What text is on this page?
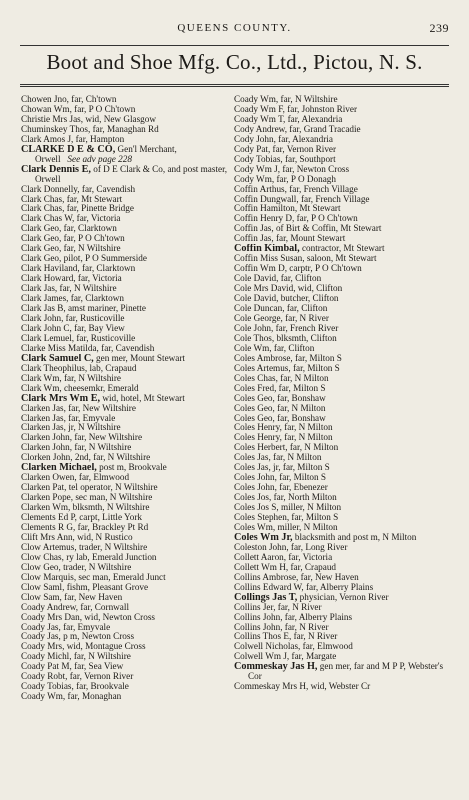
QUEENS COUNTY.	239
Boot and Shoe Mfg. Co., Ltd., Pictou, N. S.
Chowen Jno, far, Ch'town
Chowan Wm, far, P O Ch'town
Christie Mrs Jas, wid, New Glasgow
Chuminskey Thos, far, Managhan Rd
Clark Amos J, far, Hampton
CLARKE D E & CO, Gen'l Merchant,
Orwell See adv page 228
Clark Dennis E, of D E Clark & Co, and post master, Orwell
Clark Donnelly, far, Cavendish
Clark Chas, far, Mt Stewart
Clark Chas, far, Pinette Bridge
Clark Chas W, far, Victoria
Clark Geo, far, Clarktown
Clark Geo, far, P O Ch'town
Clark Geo, far, N Wiltshire
Clark Geo, pilot, P O Summerside
Clark Haviland, far, Clarktown
Clark Howard, far, Victoria
Clark Jas, far, N Wiltshire
Clark James, far, Clarktown
Clark Jas B, amst mariner, Pinette
Clark John, far, Rusticoville
Clark John C, far, Bay View
Clark Lemuel, far, Rusticoville
Clarke Miss Matilda, far, Cavendish
Clark Samuel C, gen mer, Mount Stewart
Clark Theophilus, lab, Crapaud
Clark Wm, far, N Wiltshire
Clark Wm, cheesemkr, Emerald
Clark Mrs Wm E, wid, hotel, Mt Stewart
Clarken Jas, far, New Wiltshire
Clarken Jas, far, Emyvale
Clarken Jas, jr, N Wiltshire
Clarken John, far, New Wiltshire
Clarken John, far, N Wiltshire
Clorken John, 2nd, far, N Wiltshire
Clarken Michael, post m, Brookvale
Clarken Owen, far, Elmwood
Clarken Pat, tel operator, N Wiltshire
Clarken Pope, sec man, N Wiltshire
Clarken Wm, blksmth, N Wiltshire
Clements Ed P, carpt, Little York
Clements R G, far, Brackley Pt Rd
Clift Mrs Ann, wid, N Rustico
Clow Artemus, trader, N Wiltshire
Clow Chas, ry lab, Emerald Junction
Clow Geo, trader, N Wiltshire
Clow Marquis, sec man, Emerald Junct
Clow Saml, fishm, Pleasant Grove
Clow Sam, far, New Haven
Coady Andrew, far, Cornwall
Coady Mrs Dan, wid, Newton Cross
Coady Jas, far, Emyvale
Coady Jas, p m, Newton Cross
Coady Mrs, wid, Montague Cross
Coady Michl, far, N Wiltshire
Coady Pat M, far, Sea View
Coady Robt, far, Vernon River
Coady Tobias, far, Brookvale
Coady Wm, far, Monaghan
Coady Wm, far, N Wiltshire
Coady Wm F, far, Johnston River
Coady Wm T, far, Alexandria
Cody Andrew, far, Grand Tracadie
Cody John, far, Alexandria
Cody Pat, far, Vernon River
Cody Tobias, far, Southport
Cody Wm J, far, Newton Cross
Cody Wm, far, P O Donagh
Coffin Arthus, far, French Village
Coffin Dungwall, far, French Village
Coffin Hamilton, Mt Stewart
Coffin Henry D, far, P O Ch'town
Coffin Jas, of Birt & Coffin, Mt Stewart
Coffin Jas, far, Mount Stewart
Coffin Kimbal, contractor, Mt Stewart
Coffin Miss Susan, saloon, Mt Stewart
Coffin Wm D, carptr, P O Ch'town
Cole David, far, Clifton
Cole Mrs David, wid, Clifton
Cole David, butcher, Clifton
Cole Duncan, far, Clifton
Cole George, far, N River
Cole John, far, French River
Cole Thos, blksmth, Clifton
Cole Wm, far, Clifton
Coles Ambrose, far, Milton S
Coles Artemus, far, Milton S
Coles Chas, far, N Milton
Coles Fred, far, Milton S
Coles Geo, far, Bonshaw
Coles Geo, far, N Milton
Coles Geo, far, Bonshaw
Coles Henry, far, N Milton
Coles Henry, far, N Milton
Coles Herbert, far, N Milton
Coles Jas, far, N Milton
Coles Jas, jr, far, Milton S
Coles John, far, Milton S
Coles John, far, Ebenezer
Coles Jos, far, North Milton
Coles Jos S, miller, N Milton
Coles Stephen, far, Milton S
Coles Wm, miller, N Milton
Coles Wm Jr, blacksmith and post m, N Milton
Coleston John, far, Long River
Collett Aaron, far, Victoria
Collett Wm H, far, Crapaud
Collins Ambrose, far, New Haven
Collins Edward W, far, Alberry Plains
Collings Jas T, physician, Vernon River
Collins Jer, far, N River
Collins John, far, Alberry Plains
Collins John, far, N River
Collins Thos E, far, N River
Colwell Nicholas, far, Elmwood
Colwell Wm J, far, Margate
Commeskay Jas H, gen mer, far and M P P, Webster's Cor
Commeskay Mrs H, wid, Webster Cr
